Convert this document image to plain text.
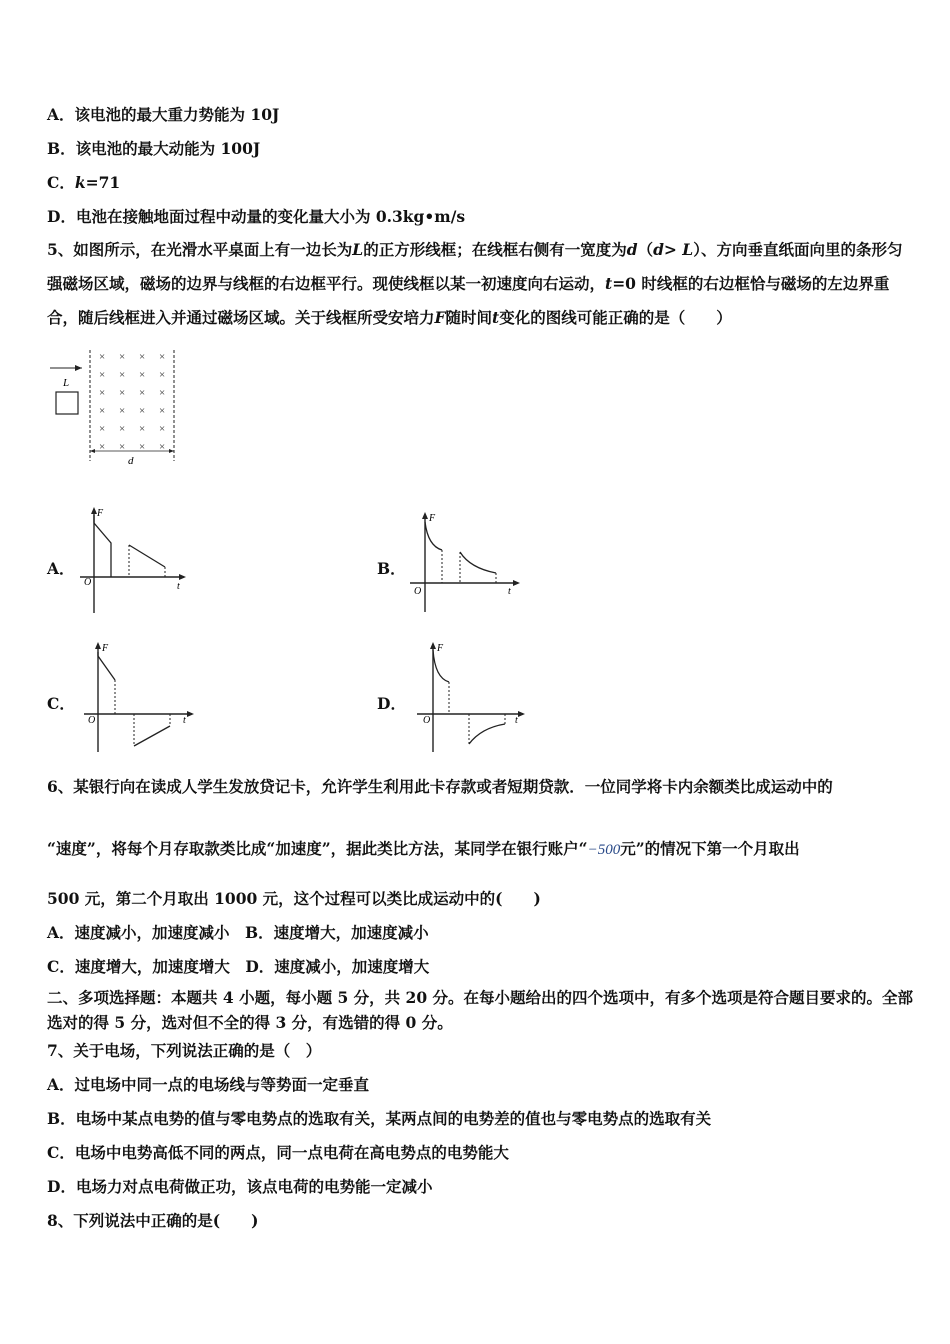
A．该电池的最大重力势能为 10J
B．该电池的最大动能为 100J
C．k=71
D．电池在接触地面过程中动量的变化量大小为 0.3kg•m/s
5、如图所示，在光滑水平桌面上有一边长为L的正方形线框；在线框右侧有一宽度为d（d> L）、方向垂直纸面向里的条形匀强磁场区域，磁场的边界与线框的右边框平行。现使线框以某一初速度向右运动，t=0 时线框的右边框恰与磁场的左边界重合，随后线框进入并通过磁场区域。关于线框所受安培力F随时间t变化的图线可能正确的是（　　）
L
× × × ×
× × × ×
× × × ×
× × × ×
× × × ×
× × × ×
d
A．
F
t
O
B．
F
t
O
C．
F
t
O
D．
F
t
O
6、某银行向在读成人学生发放贷记卡，允许学生利用此卡存款或者短期贷款．一位同学将卡内余额类比成运动中的
“速度”，将每个月存取款类比成“加速度”，据此类比方法，某同学在银行账户“−500元”的情况下第一个月取出
500 元，第二个月取出 1000 元，这个过程可以类比成运动中的(　　)
A．速度减小，加速度减小　B．速度增大，加速度减小
C．速度增大，加速度增大　D．速度减小，加速度增大
二、多项选择题：本题共 4 小题，每小题 5 分，共 20 分。在每小题给出的四个选项中，有多个选项是符合题目要求的。全部选对的得 5 分，选对但不全的得 3 分，有选错的得 0 分。
7、关于电场，下列说法正确的是（　）
A．过电场中同一点的电场线与等势面一定垂直
B．电场中某点电势的值与零电势点的选取有关，某两点间的电势差的值也与零电势点的选取有关
C．电场中电势高低不同的两点，同一点电荷在高电势点的电势能大
D．电场力对点电荷做正功，该点电荷的电势能一定减小
8、下列说法中正确的是(　　)
